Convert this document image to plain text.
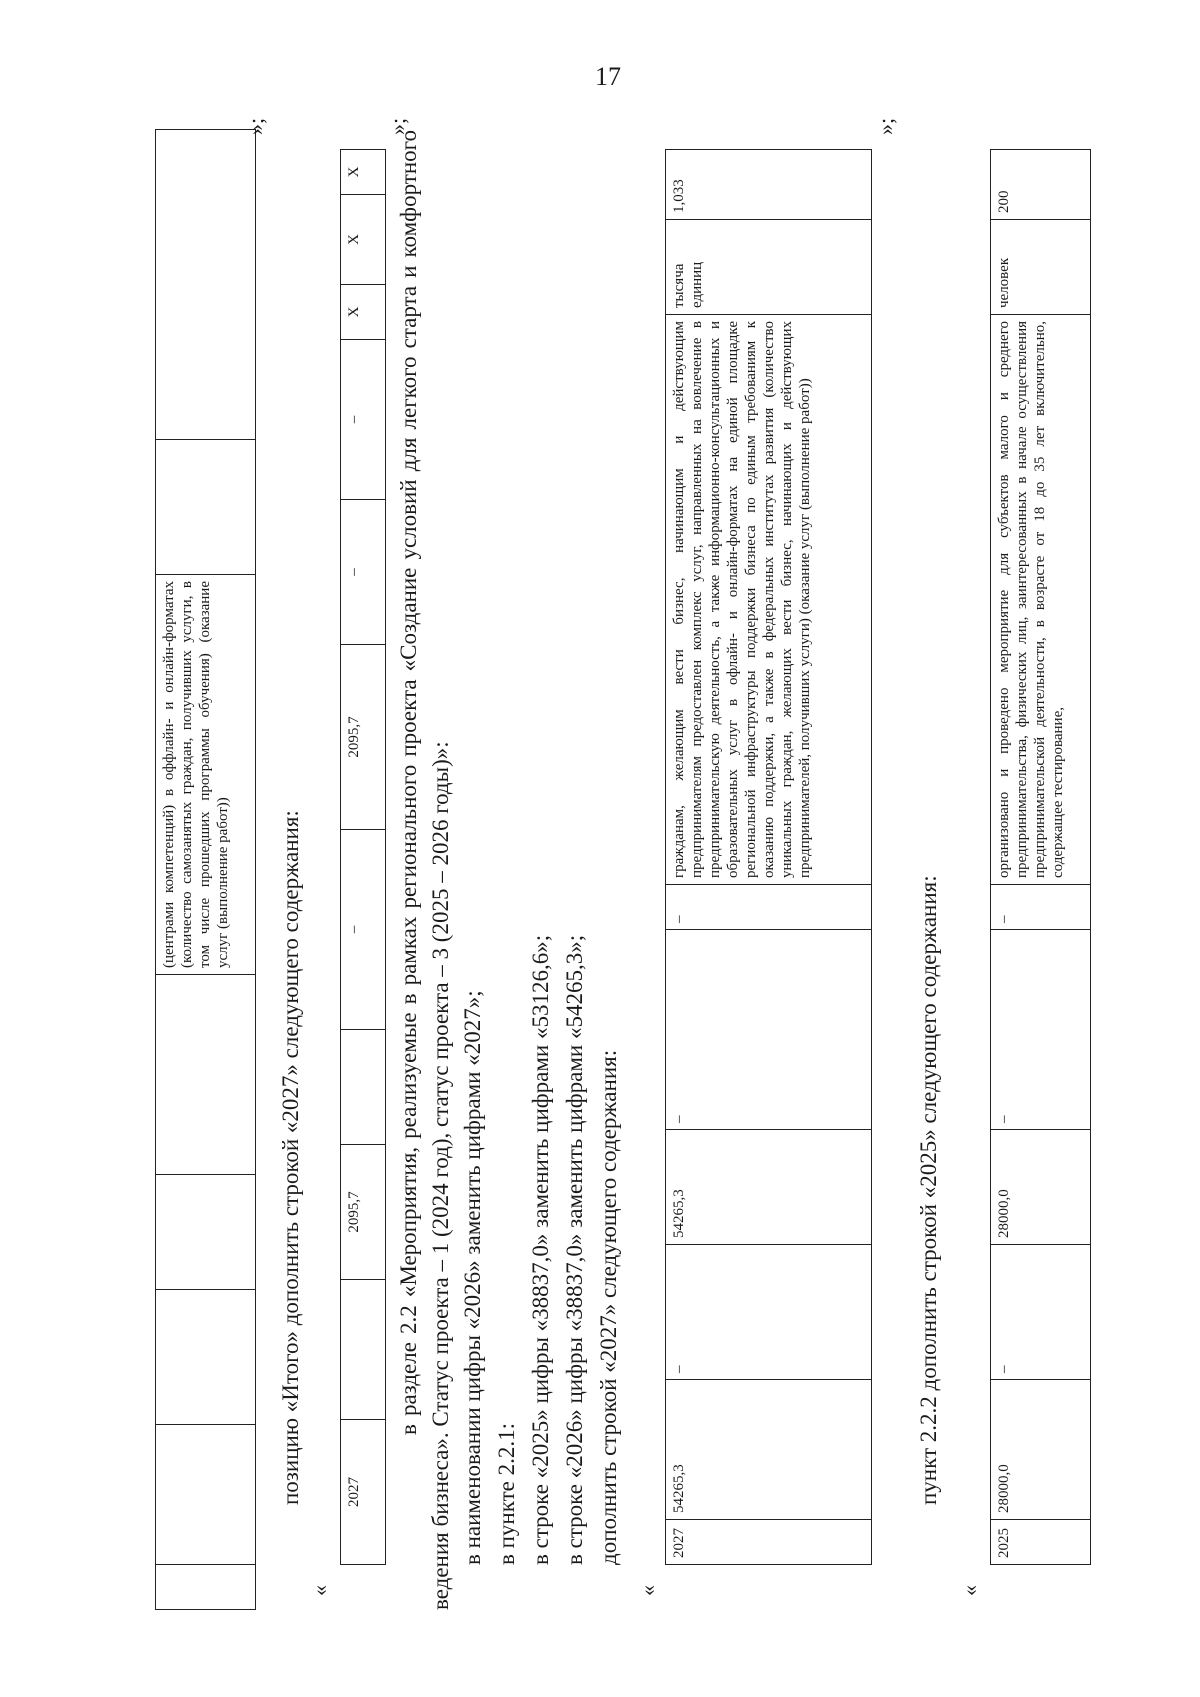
17
					(центрами компетенций) в оффлайн- и онлайн-форматах (количество самозанятых граждан, получивших услуги, в том числе прошедших программы обучения) (оказание услуг (выполнение работ))		
»;
позицию «Итого» дополнить строкой «2027» следующего содержания:
«
2027		2095,7		–	2095,7	–	–	X	X	X
»;
в разделе 2.2 «Мероприятия, реализуемые в рамках регионального проекта «Создание условий для легкого старта и комфортного ведения бизнеса». Статус проекта – 1 (2024 год), статус проекта – 3 (2025 – 2026 годы)»: в наименовании цифры «2026» заменить цифрами «2027»; в пункте 2.2.1: в строке «2025» цифры «38837,0» заменить цифрами «53126,6»; в строке «2026» цифры «38837,0» заменить цифрами «54265,3»; дополнить строкой «2027» следующего содержания:
«
2027	54265,3	–	54265,3	–	–	гражданам, желающим вести бизнес, начинающим и действующим предпринимателям предоставлен комплекс услуг, направленных на вовлечение в предпринимательскую деятельность, а также информационно-консультационных и образовательных услуг в офлайн- и онлайн-форматах на единой площадке региональной инфраструктуры поддержки бизнеса по единым требованиям к оказанию поддержки, а также в федеральных институтах развития (количество уникальных граждан, желающих вести бизнес, начинающих и действующих предпринимателей, получивших услуги) (оказание услуг (выполнение работ))	тысяча единиц	1,033
»;
пункт 2.2.2 дополнить строкой «2025» следующего содержания:
«
2025	28000,0	–	28000,0	–	–	организовано и проведено мероприятие для субъектов малого и среднего предпринимательства, физических лиц, заинтересованных в начале осуществления предпринимательской деятельности, в возрасте от 18 до 35 лет включительно, содержащее тестирование,	человек	200
